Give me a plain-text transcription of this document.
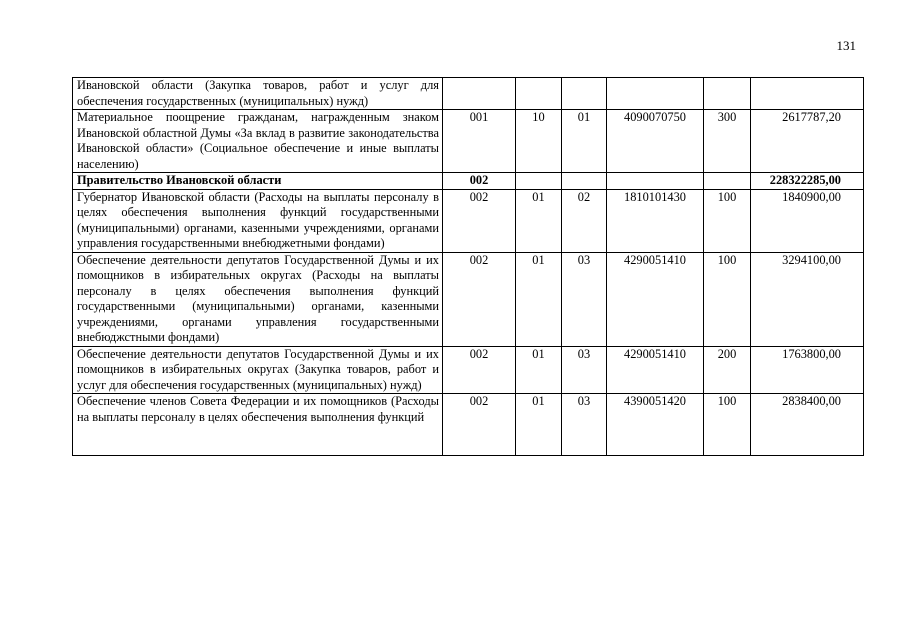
131
Ивановской области (Закупка товаров, работ и услуг для обеспечения государственных (муниципальных) нужд)						
Материальное поощрение гражданам, награжденным знаком Ивановской областной Думы «За вклад в развитие законодательства Ивановской области» (Социальное обеспечение и иные выплаты населению)	001	10	01	4090070750	300	2617787,20
Правительство Ивановской области	002					228322285,00
Губернатор Ивановской области (Расходы на выплаты персоналу в целях обеспечения выполнения функций государственными (муниципальными) органами, казенными учреждениями, органами управления государственными внебюджетными фондами)	002	01	02	1810101430	100	1840900,00
Обеспечение деятельности депутатов Государственной Думы и их помощников в избирательных округах (Расходы на выплаты персоналу в целях обеспечения выполнения функций государственными (муниципальными) органами, казенными учреждениями, органами управления государственными внебюджстными фондами)	002	01	03	4290051410	100	3294100,00
Обеспечение деятельности депутатов Государственной Думы и их помощников в избирательных округах (Закупка товаров, работ и услуг для обеспечения государственных (муниципальных) нужд)	002	01	03	4290051410	200	1763800,00
Обеспечение членов Совета Федерации и их помощников (Расходы на выплаты персоналу в целях обеспечения выполнения функций	002	01	03	4390051420	100	2838400,00
